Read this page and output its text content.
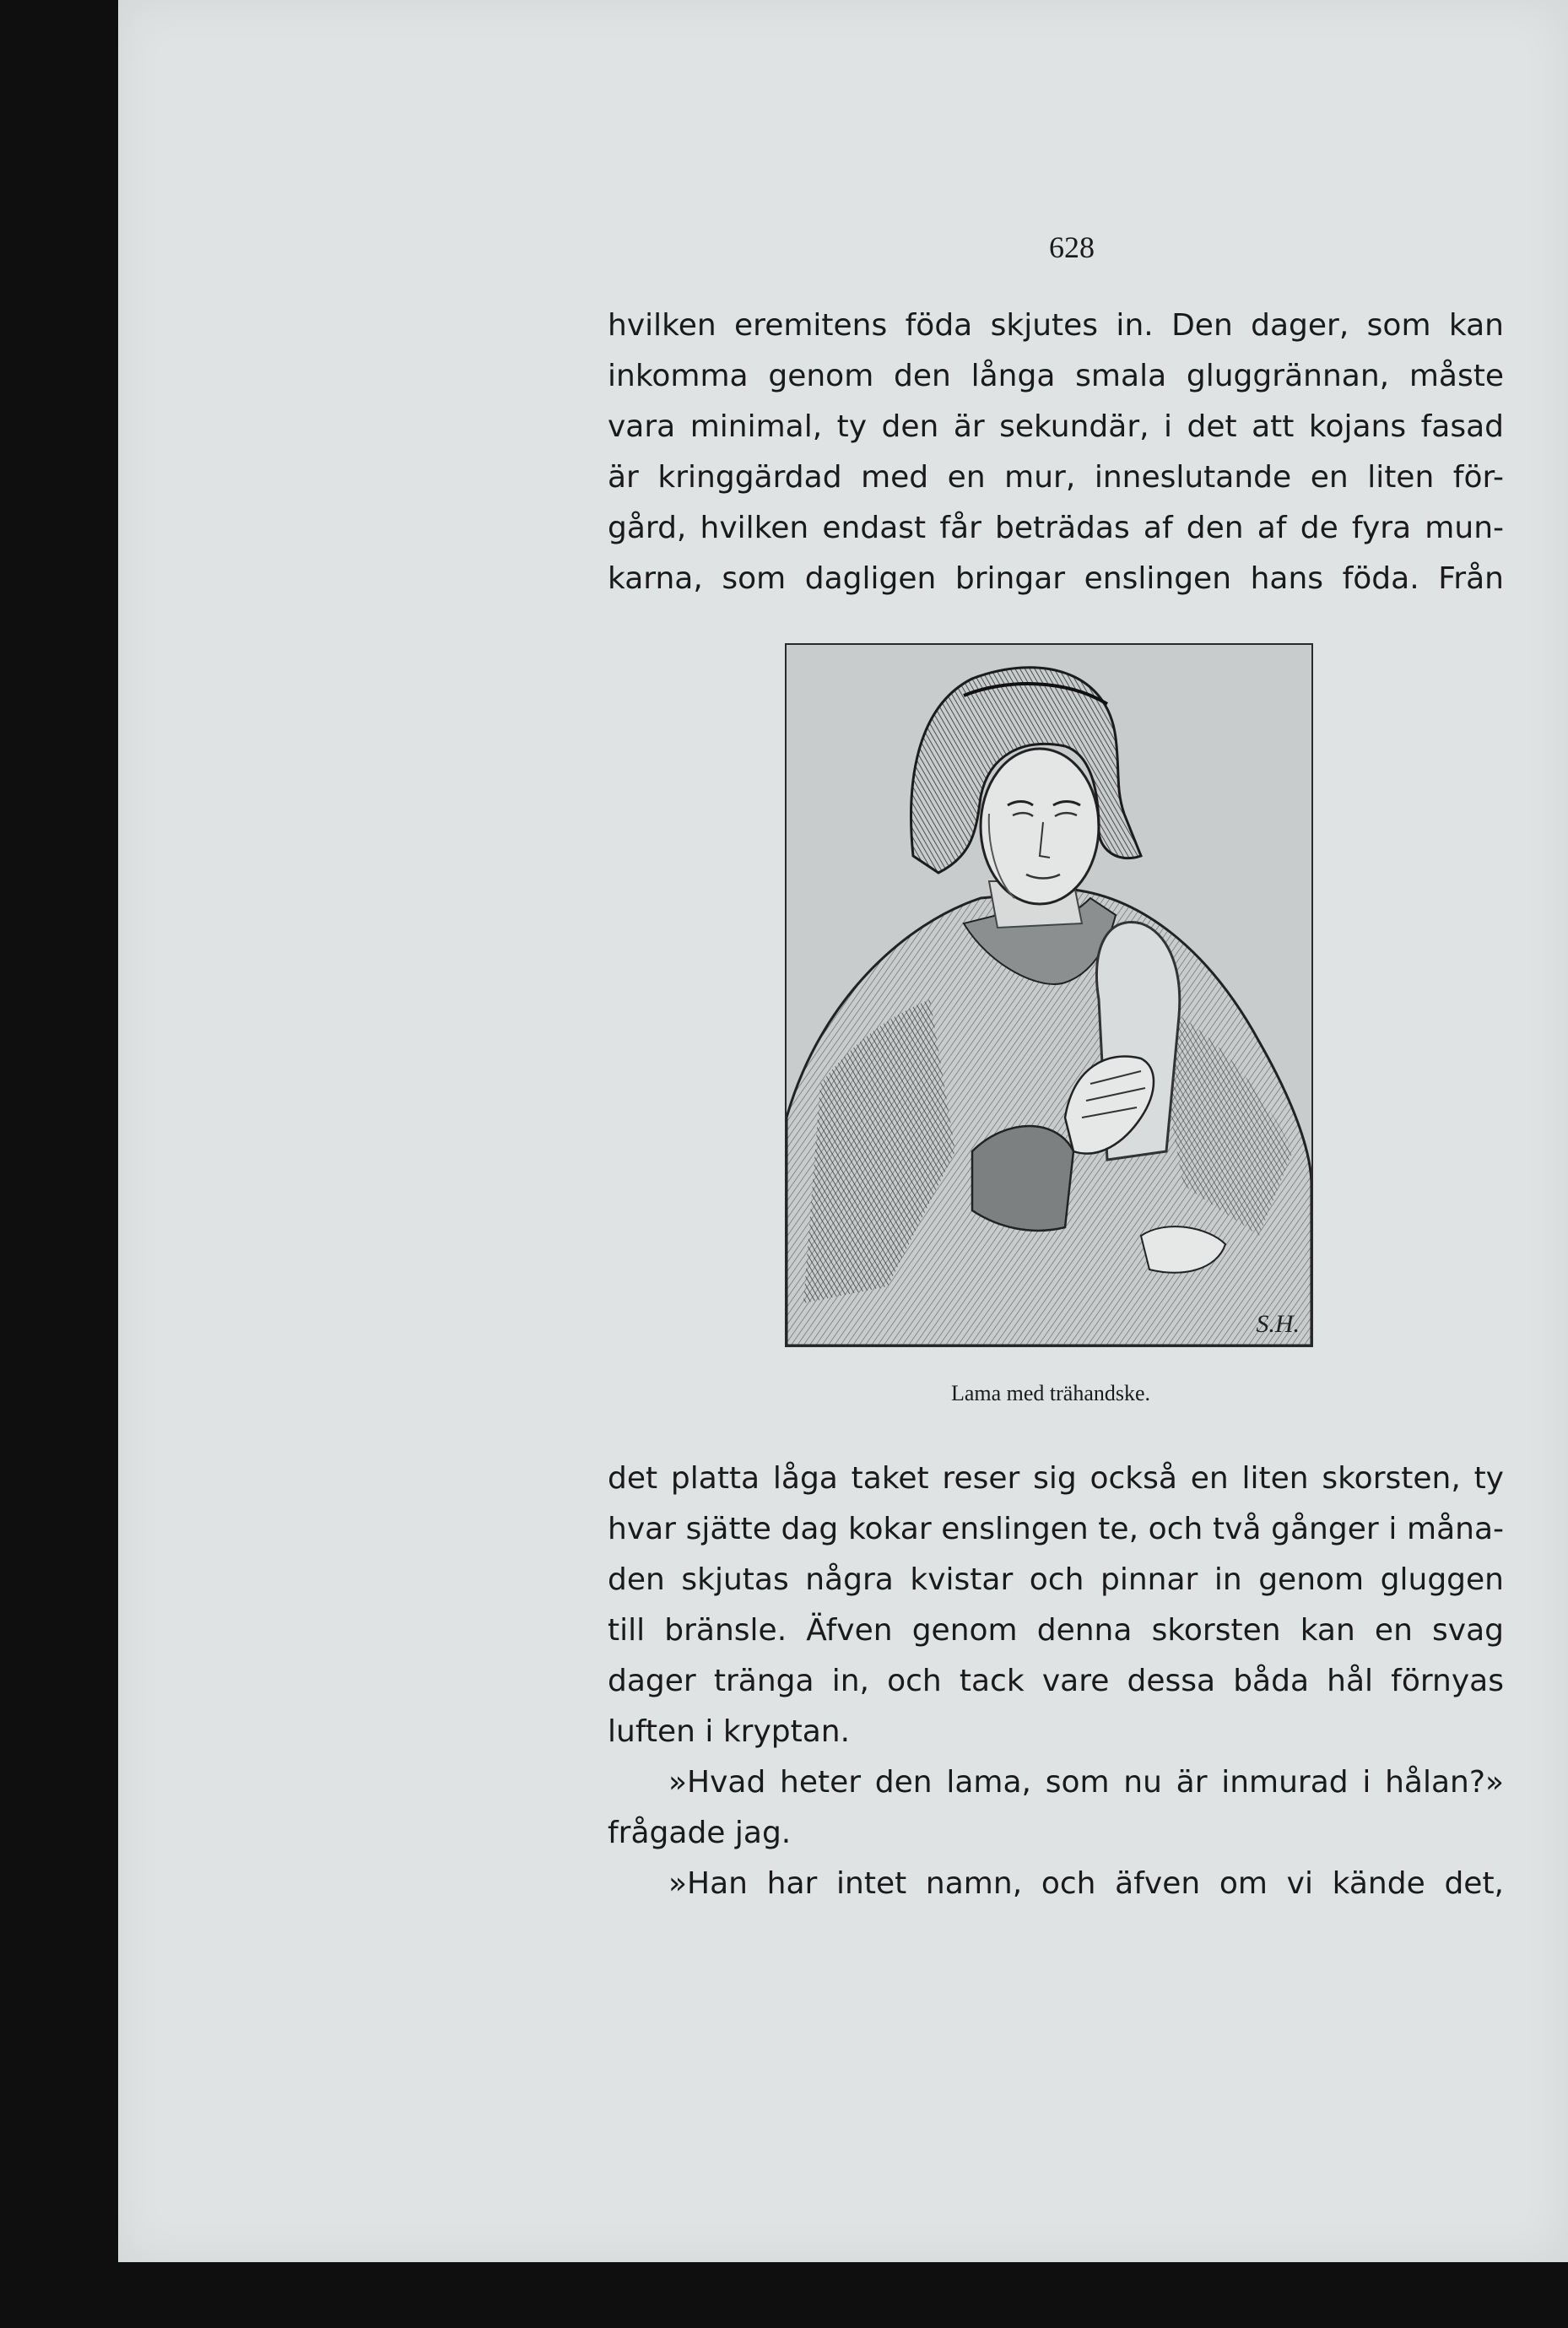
628
hvilken eremitens föda skjutes in. Den dager, som kan
inkomma genom den långa smala gluggrännan, måste
vara minimal, ty den är sekundär, i det att kojans fasad
är kringgärdad med en mur, inneslutande en liten för-
gård, hvilken endast får beträdas af den af de fyra mun-
karna, som dagligen bringar enslingen hans föda. Från
S.H.
Lama med trähandske.
det platta låga taket reser sig också en liten skorsten, ty
hvar sjätte dag kokar enslingen te, och två gånger i måna-
den skjutas några kvistar och pinnar in genom gluggen
till bränsle. Äfven genom denna skorsten kan en svag
dager tränga in, och tack vare dessa båda hål förnyas
luften i kryptan.
»Hvad heter den lama, som nu är inmurad i hålan?»
frågade jag.
»Han har intet namn, och äfven om vi kände det,
